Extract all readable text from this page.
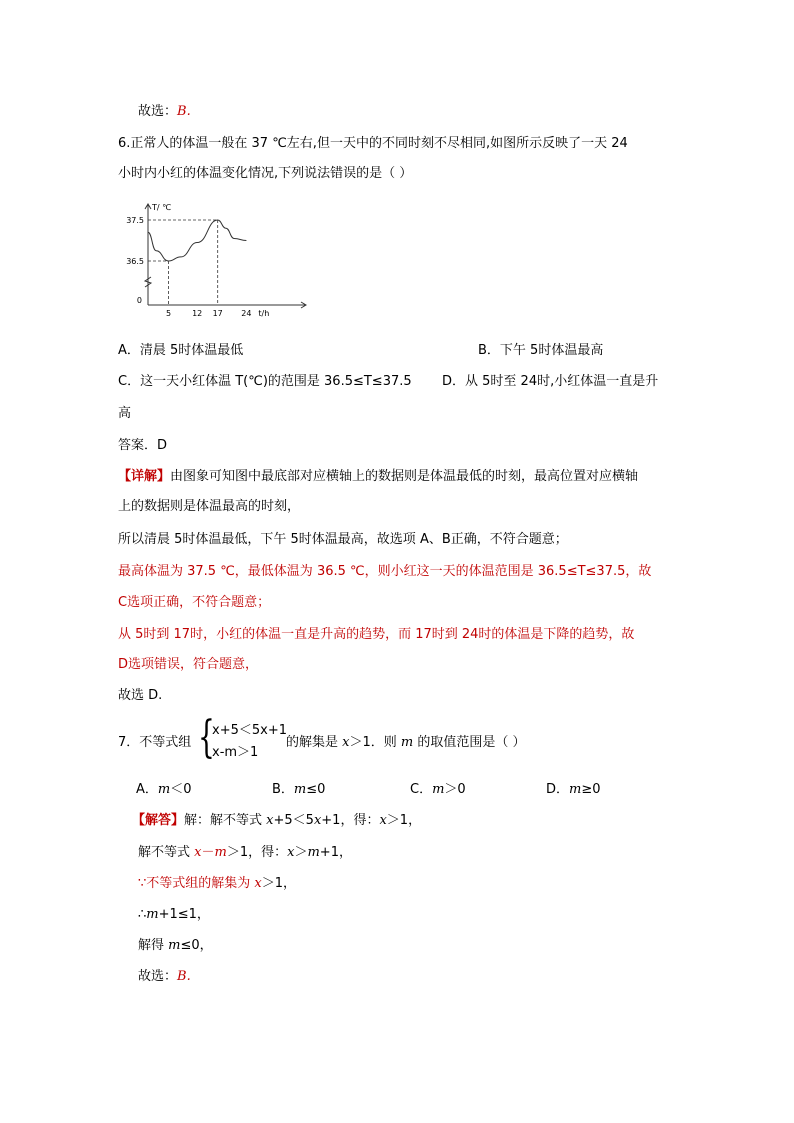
故选：B.
6.正常人的体温一般在 37 ℃左右,但一天中的不同时刻不尽相同,如图所示反映了一天 24
小时内小红的体温变化情况,下列说法错误的是（ ）
5	12 17 24 t/h
36.5
37.5
0
T/ ℃
A．清晨 5时体温最低	B．下午 5时体温最高
C．这一天小红体温 T(℃)的范围是 36.5≤T≤37.5 D．从 5时至 24时,小红体温一直是升
高
答案．D
【详解】由图象可知图中最底部对应横轴上的数据则是体温最低的时刻，最高位置对应横轴
上的数据则是体温最高的时刻，
所以清晨 5时体温最低，下午 5时体温最高，故选项 A、B正确，不符合题意；
最高体温为 37.5 ℃，最低体温为 36.5 ℃，则小红这一天的体温范围是 36.5≤T≤37.5，故
C选项正确，不符合题意；
从 5时到 17时，小红的体温一直是升高的趋势，而 17时到 24时的体温是下降的趋势，故
D选项错误，符合题意，
故选 D.
7．不等式组 {
x+5＜5x+1
x-m＞1
的解集是 x＞1．则 m 的取值范围是（ ）
A．m＜0	B．m≤0	C．m＞0	D．m≥0
【解答】解：解不等式 x+5＜5x+1，得：x＞1，
解不等式 x－m＞1，得：x＞m+1，
∵不等式组的解集为 x＞1，
∴m+1≤1，
解得 m≤0，
故选：B.
